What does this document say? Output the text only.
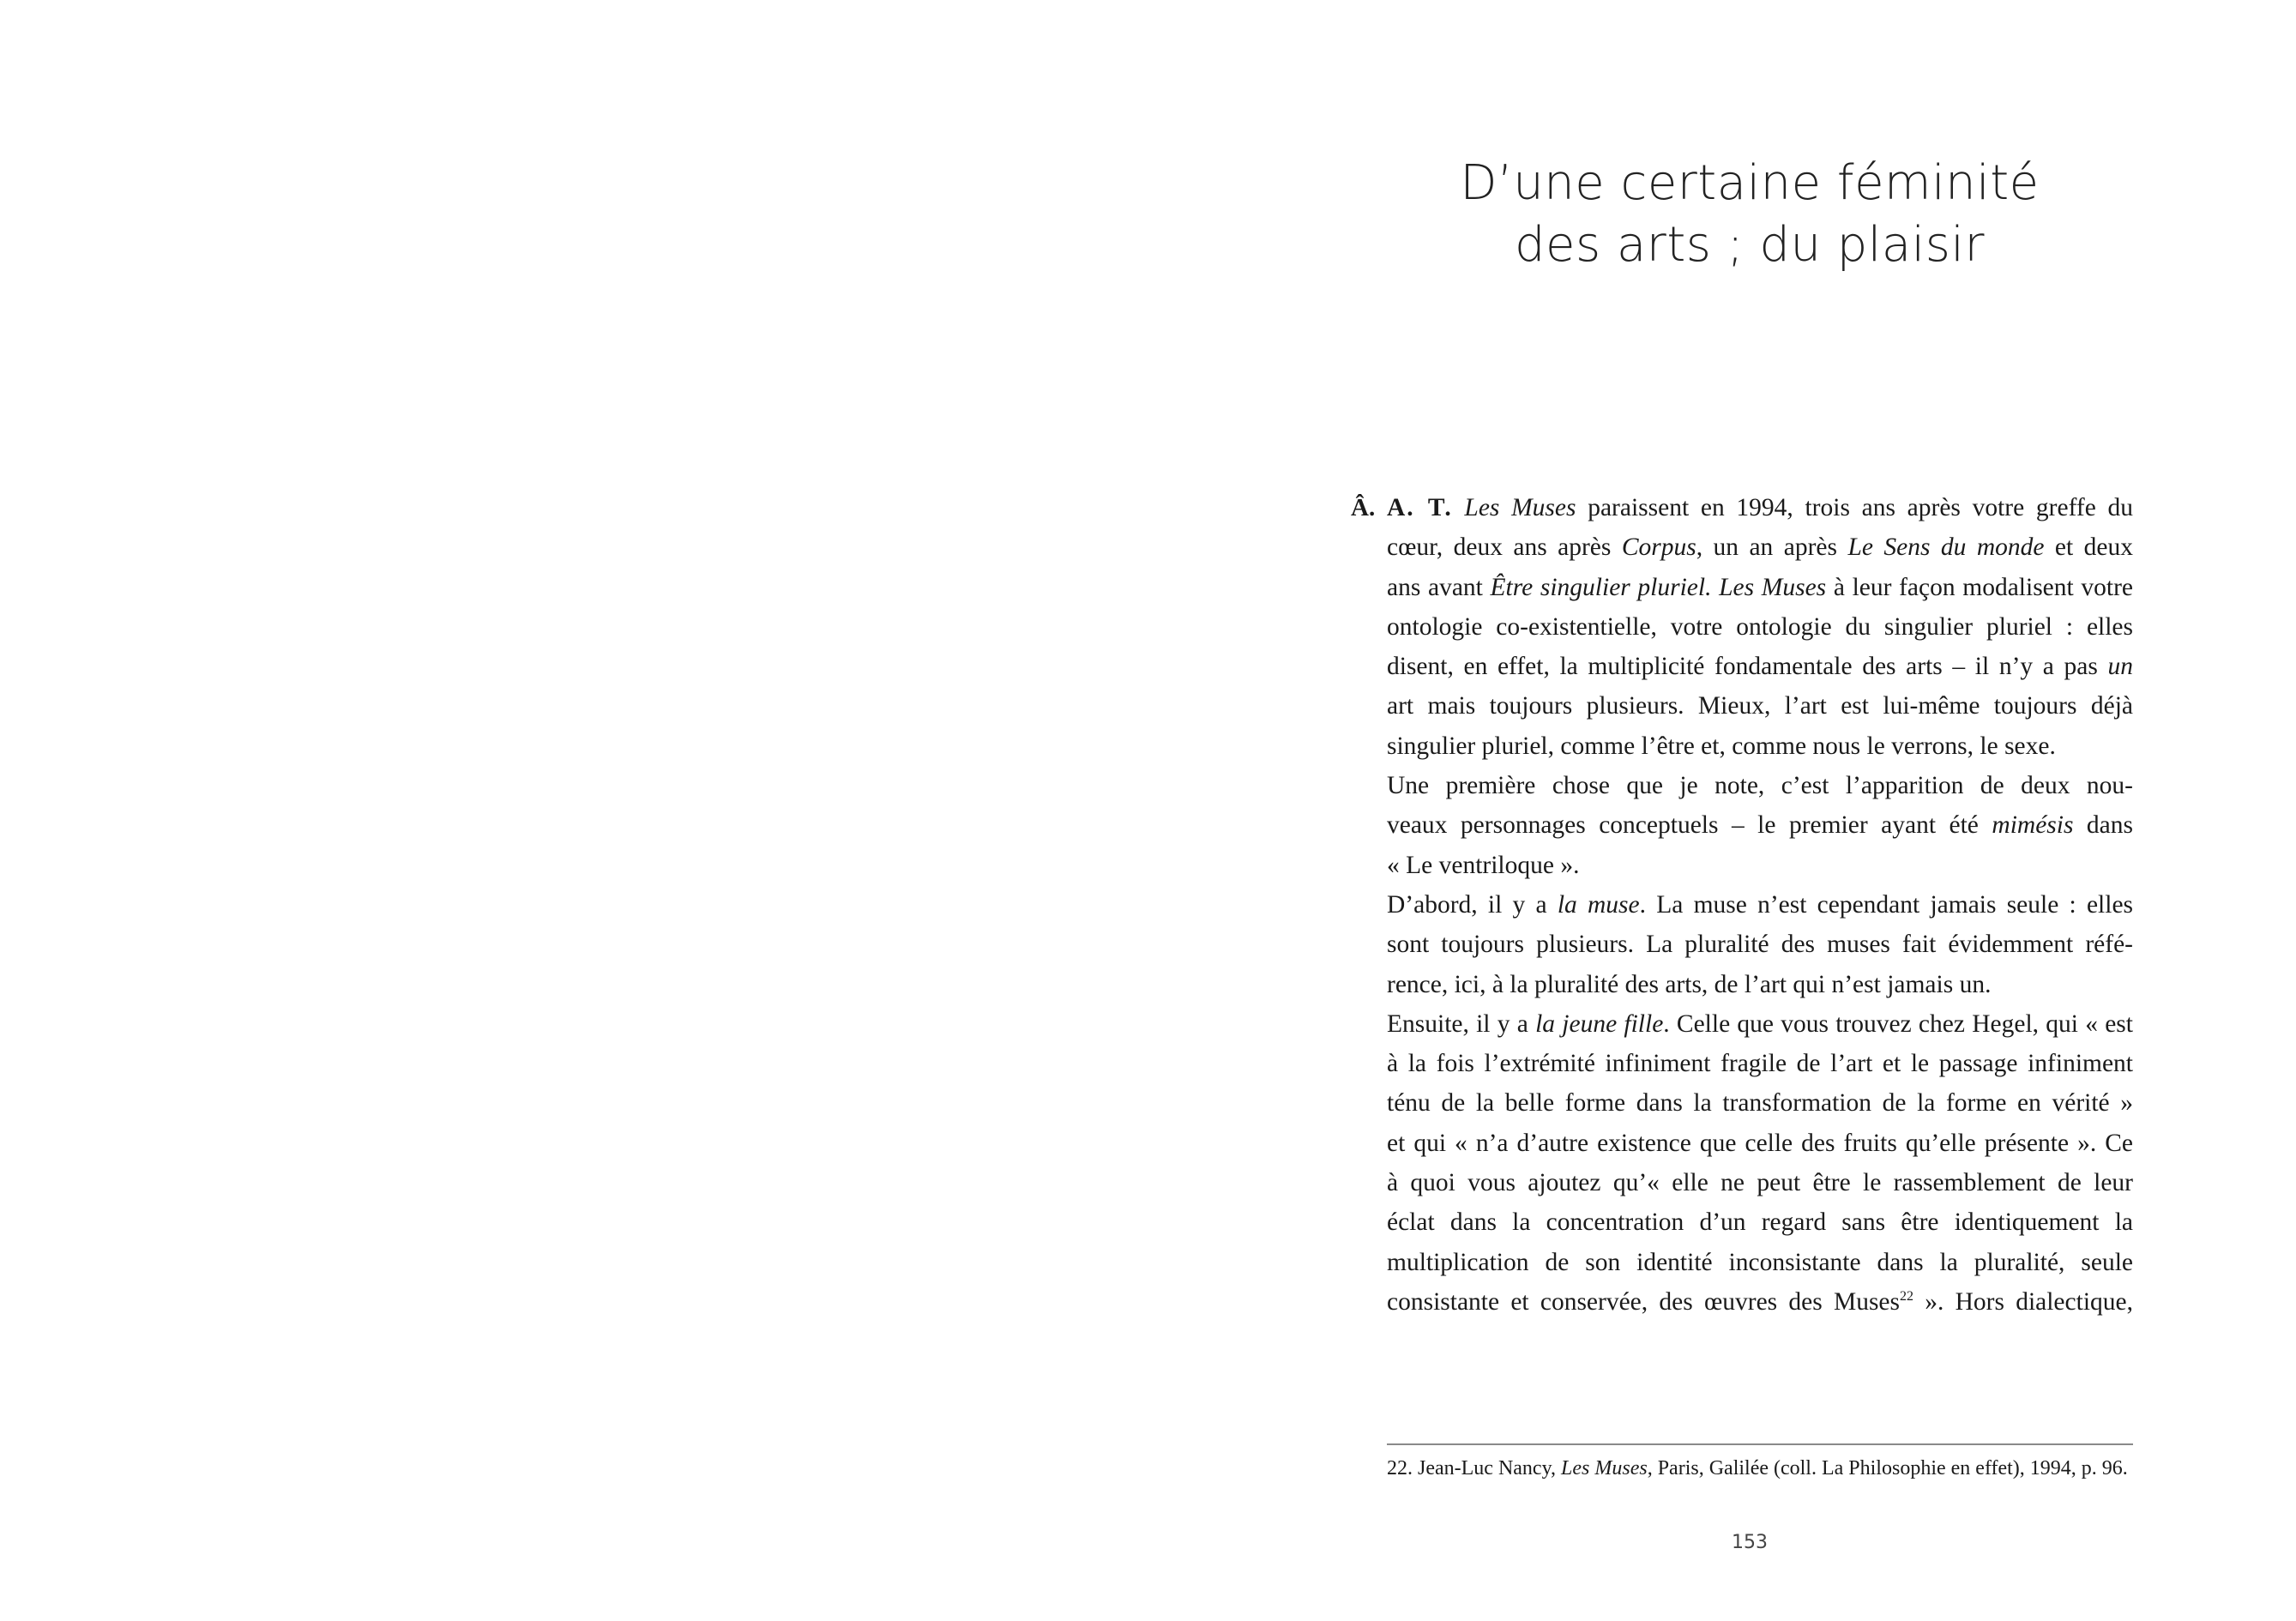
D’une certaine féminité
des arts ; du plaisir
Â. A. T. Les Muses paraissent en 1994, trois ans après votre greffe du
cœur, deux ans après Corpus, un an après Le Sens du monde et deux
ans avant Être singulier pluriel. Les Muses à leur façon modalisent votre
ontologie co-existentielle, votre ontologie du singulier pluriel : elles
disent, en effet, la multiplicité fondamentale des arts – il n’y a pas un
art mais toujours plusieurs. Mieux, l’art est lui-même toujours déjà
singulier pluriel, comme l’être et, comme nous le verrons, le sexe.
Une première chose que je note, c’est l’apparition de deux nou-
veaux personnages conceptuels – le premier ayant été mimésis dans
« Le ventriloque ».
D’abord, il y a la muse. La muse n’est cependant jamais seule : elles
sont toujours plusieurs. La pluralité des muses fait évidemment réfé-
rence, ici, à la pluralité des arts, de l’art qui n’est jamais un.
Ensuite, il y a la jeune fille. Celle que vous trouvez chez Hegel, qui « est
à la fois l’extrémité infiniment fragile de l’art et le passage infiniment
ténu de la belle forme dans la transformation de la forme en vérité »
et qui « n’a d’autre existence que celle des fruits qu’elle présente ». Ce
à quoi vous ajoutez qu’« elle ne peut être le rassemblement de leur
éclat dans la concentration d’un regard sans être identiquement la
multiplication de son identité inconsistante dans la pluralité, seule
consistante et conservée, des œuvres des Muses$^{22}$ ». Hors dialectique,
22. Jean-Luc Nancy, Les Muses, Paris, Galilée (coll. La Philosophie en effet), 1994, p. 96.
153
